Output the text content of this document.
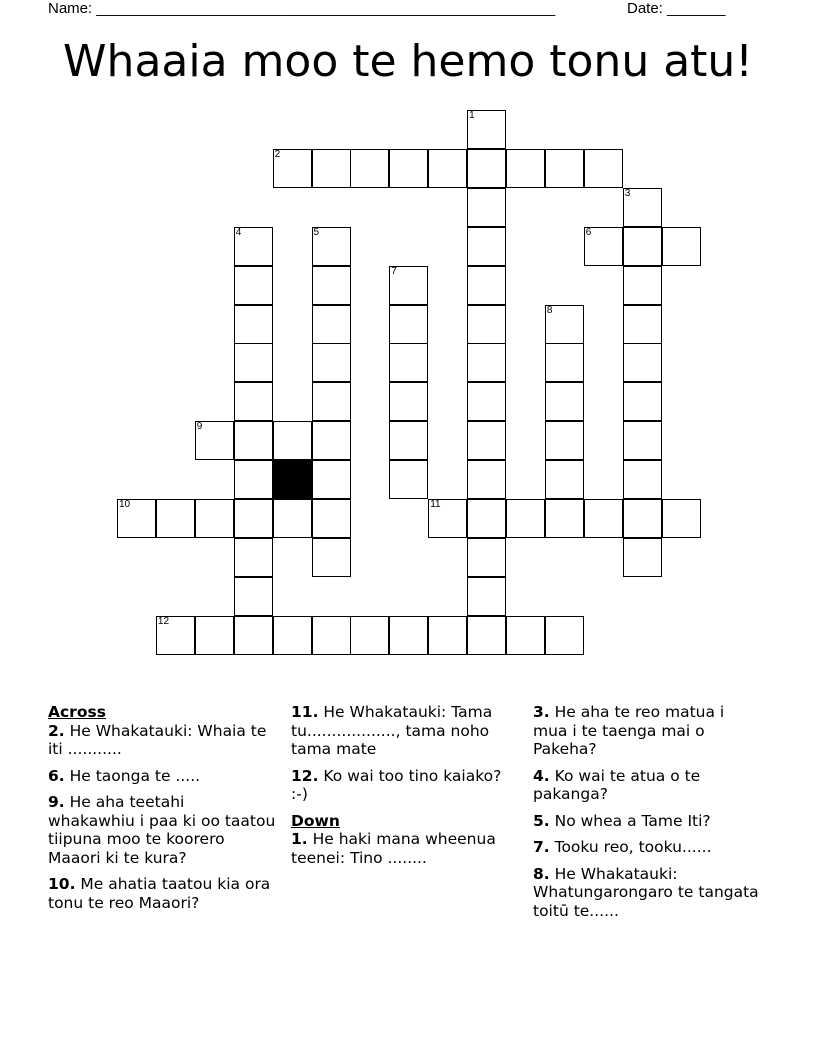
Name: _______________________________________________________	Date: _______
Whaaia moo te hemo tonu atu!
2
6
9
10	11
12
1
3
4	5
7
8
Across
2. He Whakatauki: Whaia te iti ...........
6. He taonga te .....
9. He aha teetahi whakawhiu i paa ki oo taatou tiipuna moo te koorero Maaori ki te kura?
10. Me ahatia taatou kia ora tonu te reo Maaori?
11. He Whakatauki: Tama tu.................., tama noho tama mate
12. Ko wai too tino kaiako? :-)
Down
1. He haki mana wheenua teenei: Tino ........
3. He aha te reo matua i mua i te taenga mai o Pakeha?
4. Ko wai te atua o te pakanga?
5. No whea a Tame Iti?
7. Tooku reo, tooku......
8. He Whakatauki: Whatungarongaro te tangata toitū te......
